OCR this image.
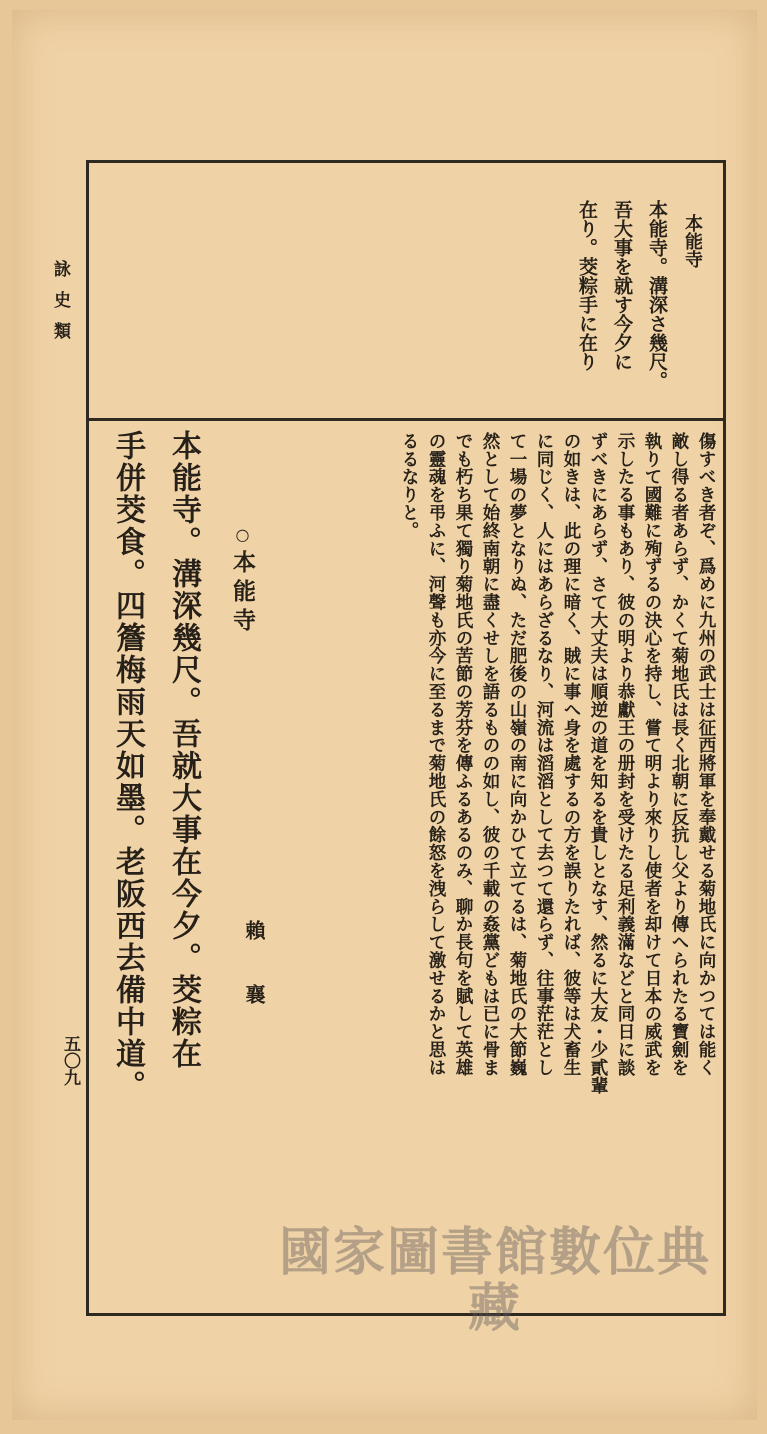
詠史類
五〇九
本能寺
本能寺。溝深さ幾尺。
吾大事を就す今夕に
在り。茭粽手に在り
傷すべき者ぞ、爲めに九州の武士は征西將軍を奉戴せる菊地氏に向かつては能く
敵し得る者あらず、かくて菊地氏は長く北朝に反抗し父より傳へられたる寶劍を
執りて國難に殉ずるの決心を持し、嘗て明より來りし使者を却けて日本の威武を
示したる事もあり、彼の明より恭獻王の册封を受けたる足利義滿などと同日に談
ずべきにあらず、さて大丈夫は順逆の道を知るを貴しとなす、然るに大友・少貳輩
の如きは、此の理に暗く、賊に事へ身を處するの方を誤りたれば、彼等は犬畜生
に同じく、人にはあらざるなり、河流は滔滔として去つて還らず、往事茫茫とし
て一場の夢となりぬ、ただ肥後の山嶺の南に向かひて立てるは、菊地氏の大節巍
然として始終南朝に盡くせしを語るものの如し、彼の千載の姦黨どもは已に骨ま
でも朽ち果て獨り菊地氏の苦節の芳芬を傳ふるあるのみ、聊か長句を賦して英雄
の靈魂を弔ふに、河聲も亦今に至るまで菊地氏の餘怒を洩らして激せるかと思は
るるなりと。
○ 本能寺
賴襄
本能寺。溝深幾尺。吾就大事在今夕。茭粽在
手併茭食。四簷梅雨天如墨。老阪西去備中道。
國家圖書館數位典藏
